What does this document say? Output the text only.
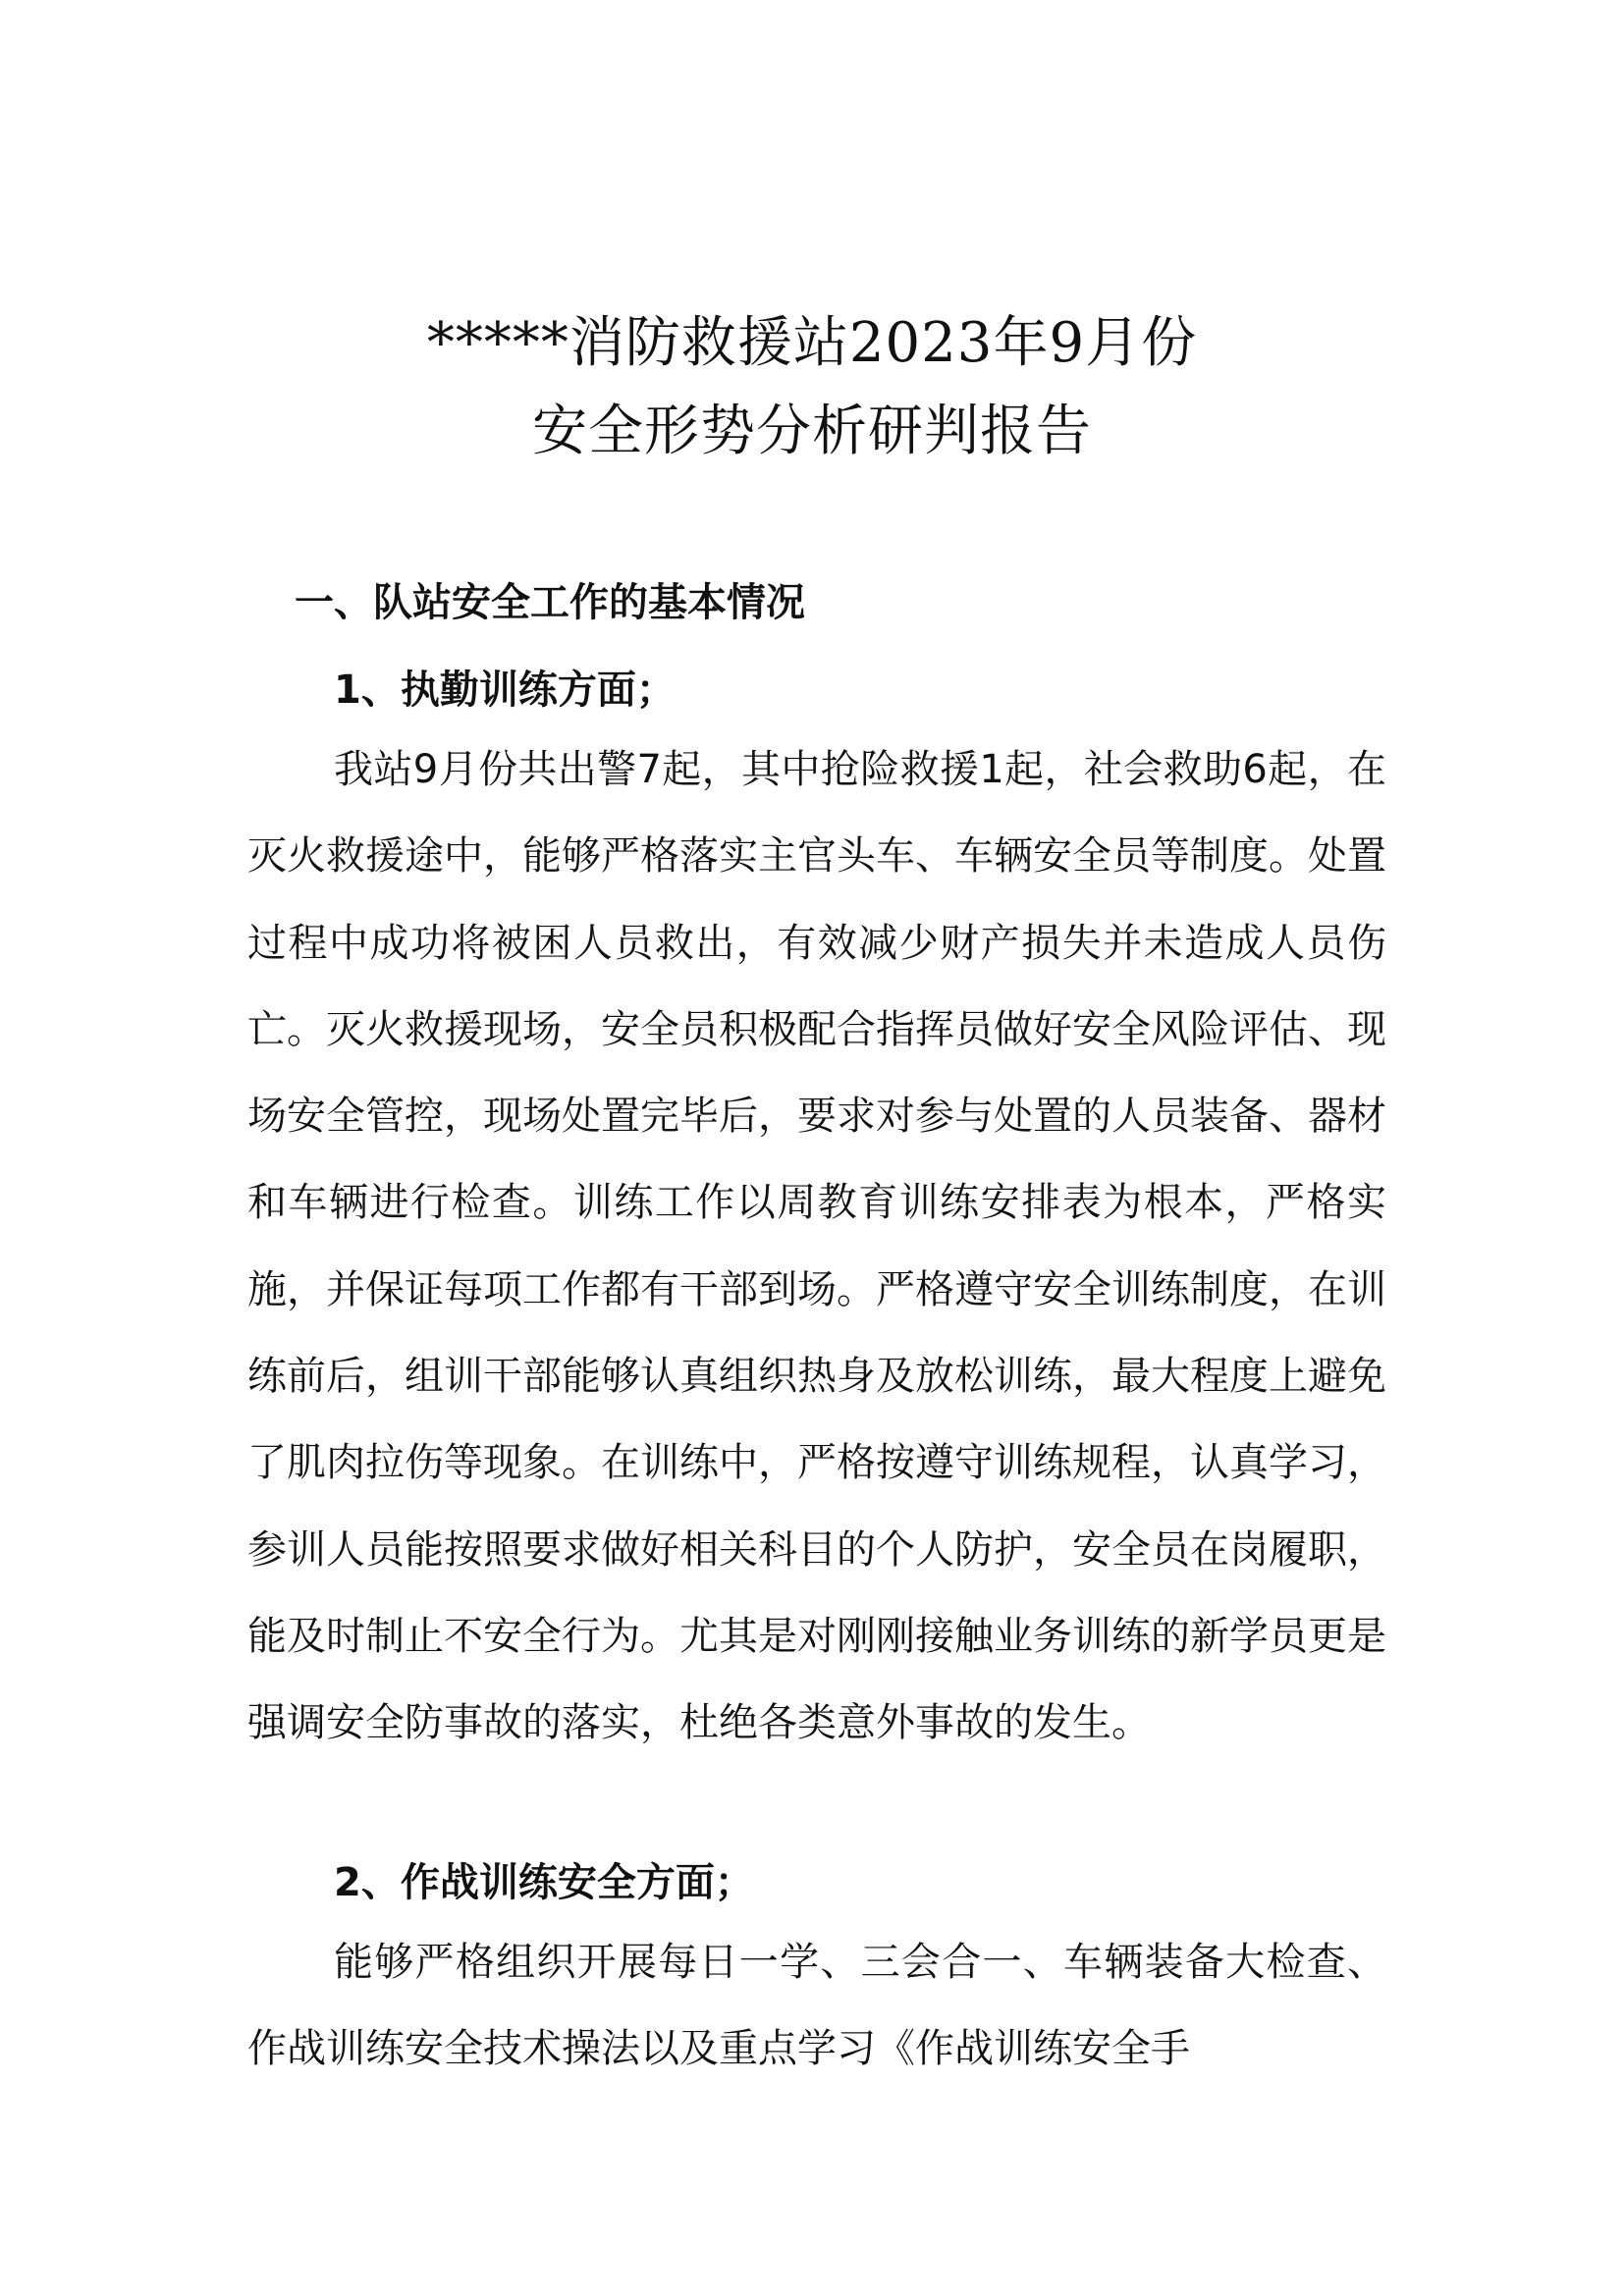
*****消防救援站2023年9月份
安全形势分析研判报告
一、队站安全工作的基本情况
1、执勤训练方面；

我站9月份共出警7起，其中抢险救援1起，社会救助6起，在灭火救援途中，能够严格落实主官头车、车辆安全员等制度。处置过程中成功将被困人员救出，有效减少财产损失并未造成人员伤亡。灭火救援现场，安全员积极配合指挥员做好安全风险评估、现场安全管控，现场处置完毕后，要求对参与处置的人员装备、器材和车辆进行检查。训练工作以周教育训练安排表为根本，严格实施，并保证每项工作都有干部到场。严格遵守安全训练制度，在训练前后，组训干部能够认真组织热身及放松训练，最大程度上避免了肌肉拉伤等现象。在训练中，严格按遵守训练规程，认真学习，参训人员能按照要求做好相关科目的个人防护，安全员在岗履职，能及时制止不安全行为。尤其是对刚刚接触业务训练的新学员更是强调安全防事故的落实，杜绝各类意外事故的发生。

2、作战训练安全方面；

能够严格组织开展每日一学、三会合一、车辆装备大检查、作战训练安全技术操法以及重点学习《作战训练安全手
